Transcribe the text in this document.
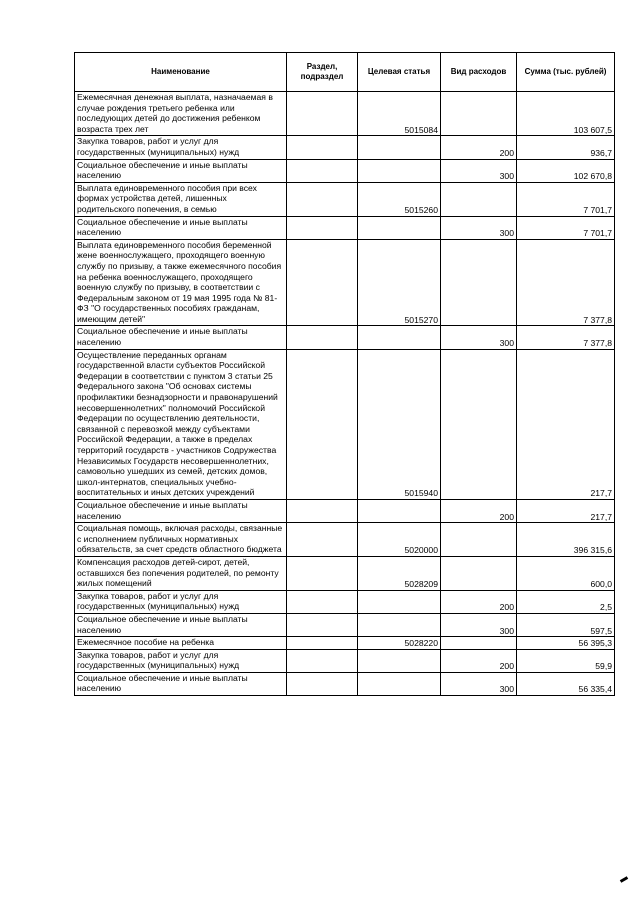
Наименование	Раздел, подраздел	Целевая статья	Вид расходов	Сумма (тыс. рублей)
Ежемесячная денежная выплата, назначаемая в случае рождения третьего ребенка или последующих детей до достижения ребенком возраста трех лет		5015084		103 607,5
Закупка товаров, работ и услуг для государственных (муниципальных) нужд			200	936,7
Социальное обеспечение и иные выплаты населению			300	102 670,8
Выплата единовременного пособия при всех формах устройства детей, лишенных родительского попечения, в семью		5015260		7 701,7
Социальное обеспечение и иные выплаты населению			300	7 701,7
Выплата единовременного пособия беременной жене военнослужащего, проходящего военную службу по призыву, а также ежемесячного пособия на ребенка военнослужащего, проходящего военную службу по призыву, в соответствии с Федеральным законом от 19 мая 1995 года № 81-ФЗ "О государственных пособиях гражданам, имеющим детей"		5015270		7 377,8
Социальное обеспечение и иные выплаты населению			300	7 377,8
Осуществление переданных органам государственной власти субъектов Российской Федерации в соответствии с пунктом 3 статьи 25 Федерального закона "Об основах системы профилактики безнадзорности и правонарушений несовершеннолетних" полномочий Российской Федерации по осуществлению деятельности, связанной с перевозкой между субъектами Российской Федерации, а также в пределах территорий государств - участников Содружества Независимых Государств несовершеннолетних, самовольно ушедших из семей, детских домов, школ-интернатов, специальных учебно-воспитательных и иных детских учреждений		5015940		217,7
Социальное обеспечение и иные выплаты населению			200	217,7
Социальная помощь, включая расходы, связанные с исполнением публичных нормативных обязательств, за счет средств областного бюджета		5020000		396 315,6
Компенсация расходов детей-сирот, детей, оставшихся без попечения родителей, по ремонту жилых помещений		5028209		600,0
Закупка товаров, работ и услуг для государственных (муниципальных) нужд			200	2,5
Социальное обеспечение и иные выплаты населению			300	597,5
Ежемесячное пособие на ребенка		5028220		56 395,3
Закупка товаров, работ и услуг для государственных (муниципальных) нужд			200	59,9
Социальное обеспечение и иные выплаты населению			300	56 335,4
